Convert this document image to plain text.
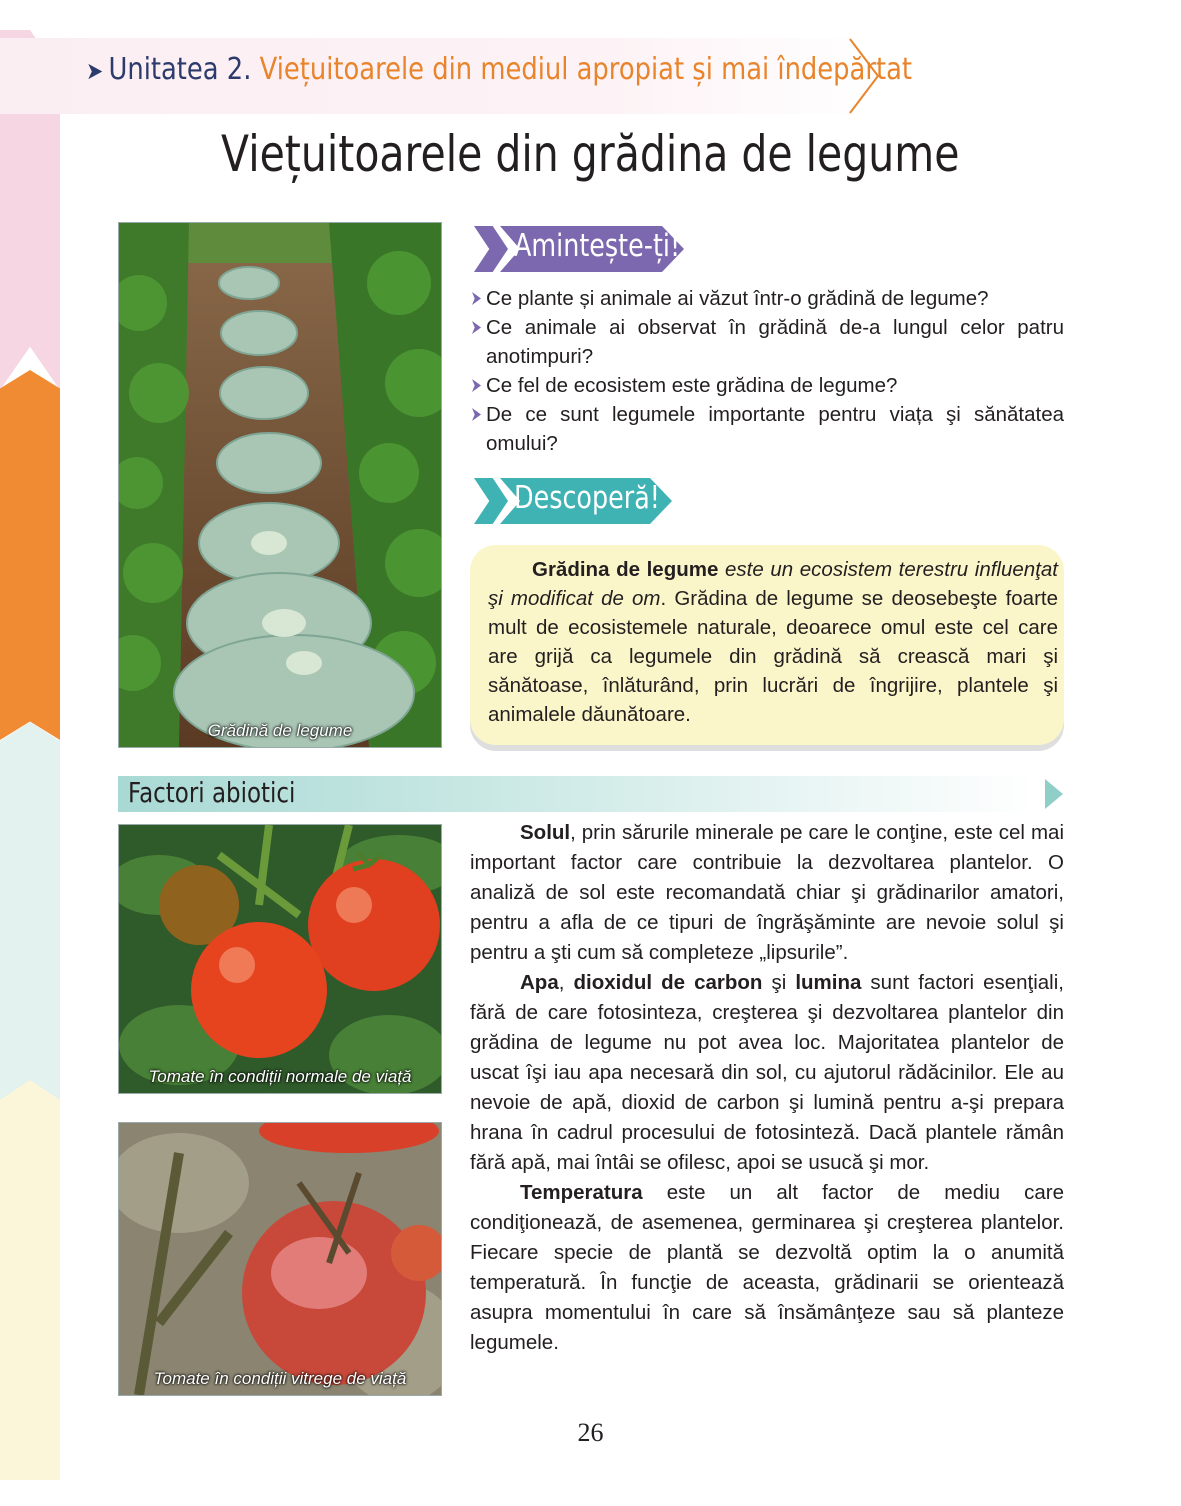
➤ Unitatea 2. Viețuitoarele din mediul apropiat și mai îndepărtat
Viețuitoarele din grădina de legume
Grădină de legume
Amintește-ți!
Ce plante și animale ai văzut într-o grădină de legume?
Ce animale ai observat în grădină de-a lungul celor patru anotimpuri?
Ce fel de ecosistem este grădina de legume?
De ce sunt legumele importante pentru viața şi sănătatea omului?
Descoperă!

Grădina de legume este un ecosistem terestru influenţat şi modificat de om. Grădina de legume se deosebeşte foarte mult de ecosistemele naturale, deoarece omul este cel care are grijă ca legumele din grădină să crească mari şi sănătoase, înlăturând, prin lucrări de îngrijire, plantele şi animalele dăunătoare.

Factori abiotici
Tomate în condiții normale de viață
Tomate în condiții vitrege de viață

Solul, prin sărurile minerale pe care le conţine, este cel mai important factor care contribuie la dezvoltarea plantelor. O analiză de sol este recomandată chiar şi grădinarilor amatori, pentru a afla de ce tipuri de îngrăşăminte are nevoie solul şi pentru a şti cum să completeze „lipsurile”.

Apa, dioxidul de carbon şi lumina sunt factori esenţiali, fără de care fotosinteza, creşterea şi dezvoltarea plantelor din grădina de legume nu pot avea loc. Majoritatea plantelor de uscat îşi iau apa necesară din sol, cu ajutorul rădăcinilor. Ele au nevoie de apă, dioxid de carbon şi lumină pentru a-şi prepara hrana în cadrul procesului de fotosinteză. Dacă plantele rămân fără apă, mai întâi se ofilesc, apoi se usucă şi mor.

Temperatura este un alt factor de mediu care condiţionează, de asemenea, germinarea şi creşterea plantelor. Fiecare specie de plantă se dezvoltă optim la o anumită temperatură. În funcţie de aceasta, grădinarii se orientează asupra momentului în care să însămânţeze sau să planteze legumele.

26
